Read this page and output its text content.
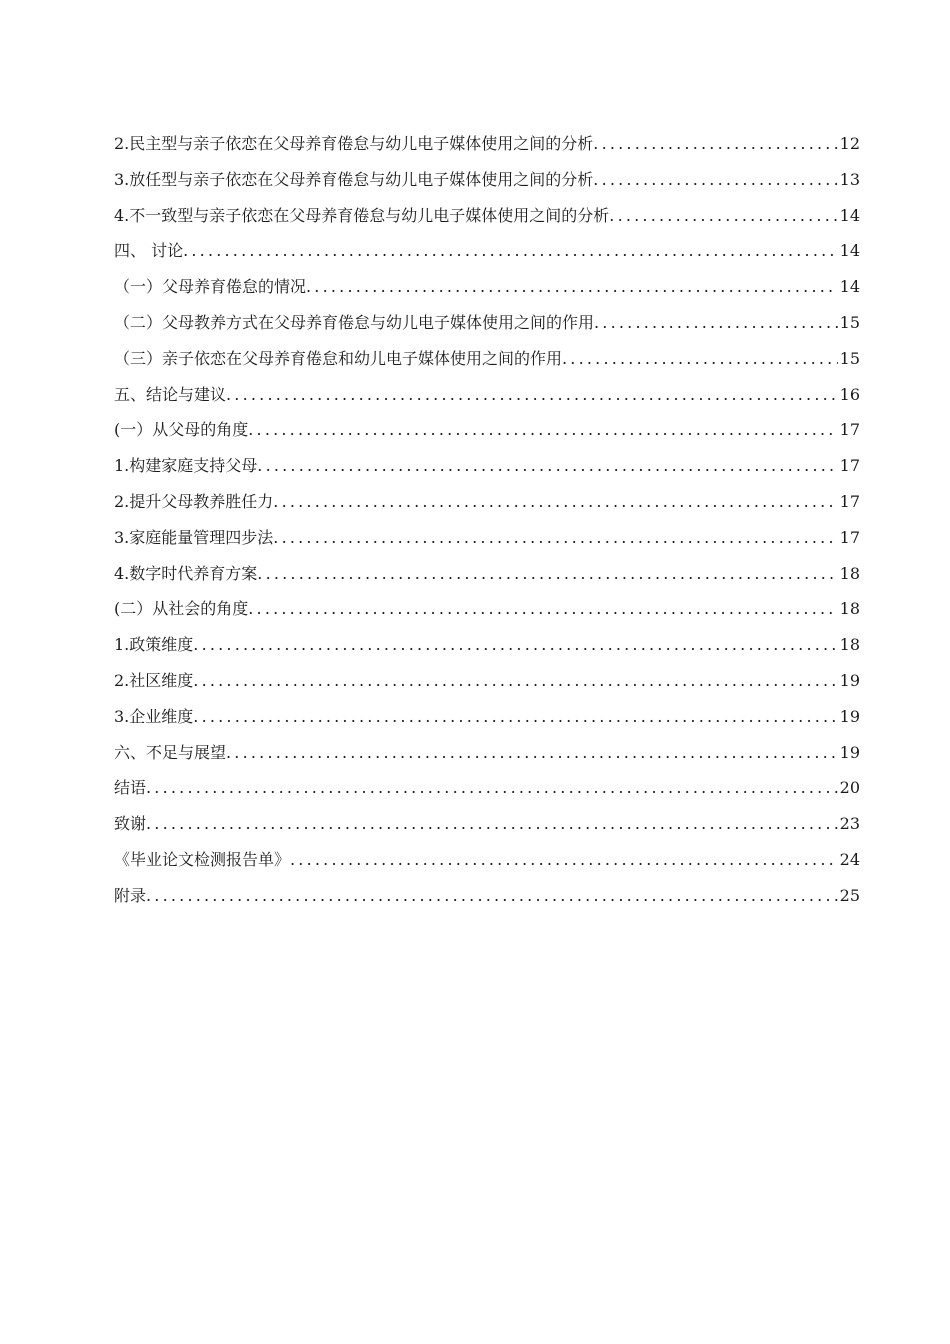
2.民主型与亲子依恋在父母养育倦怠与幼儿电子媒体使用之间的分析 .....	12
3.放任型与亲子依恋在父母养育倦怠与幼儿电子媒体使用之间的分析 .....	13
4.不一致型与亲子依恋在父母养育倦怠与幼儿电子媒体使用之间的分析 .....	14
四、 讨论 .....	14
（一）父母养育倦怠的情况 .....	14
（二）父母教养方式在父母养育倦怠与幼儿电子媒体使用之间的作用 .....	15
（三）亲子依恋在父母养育倦怠和幼儿电子媒体使用之间的作用 .....	15
五、结论与建议 .....	16
(一）从父母的角度 .....	17
1.构建家庭支持父母 .....	17
2.提升父母教养胜任力 .....	17
3.家庭能量管理四步法 .....	17
4.数字时代养育方案 .....	18
(二）从社会的角度 .....	18
1.政策维度 .....	18
2.社区维度 .....	19
3.企业维度 .....	19
六、不足与展望 .....	19
结语 .....	20
致谢 .....	23
《毕业论文检测报告单》 .....	24
附录 .....	25
